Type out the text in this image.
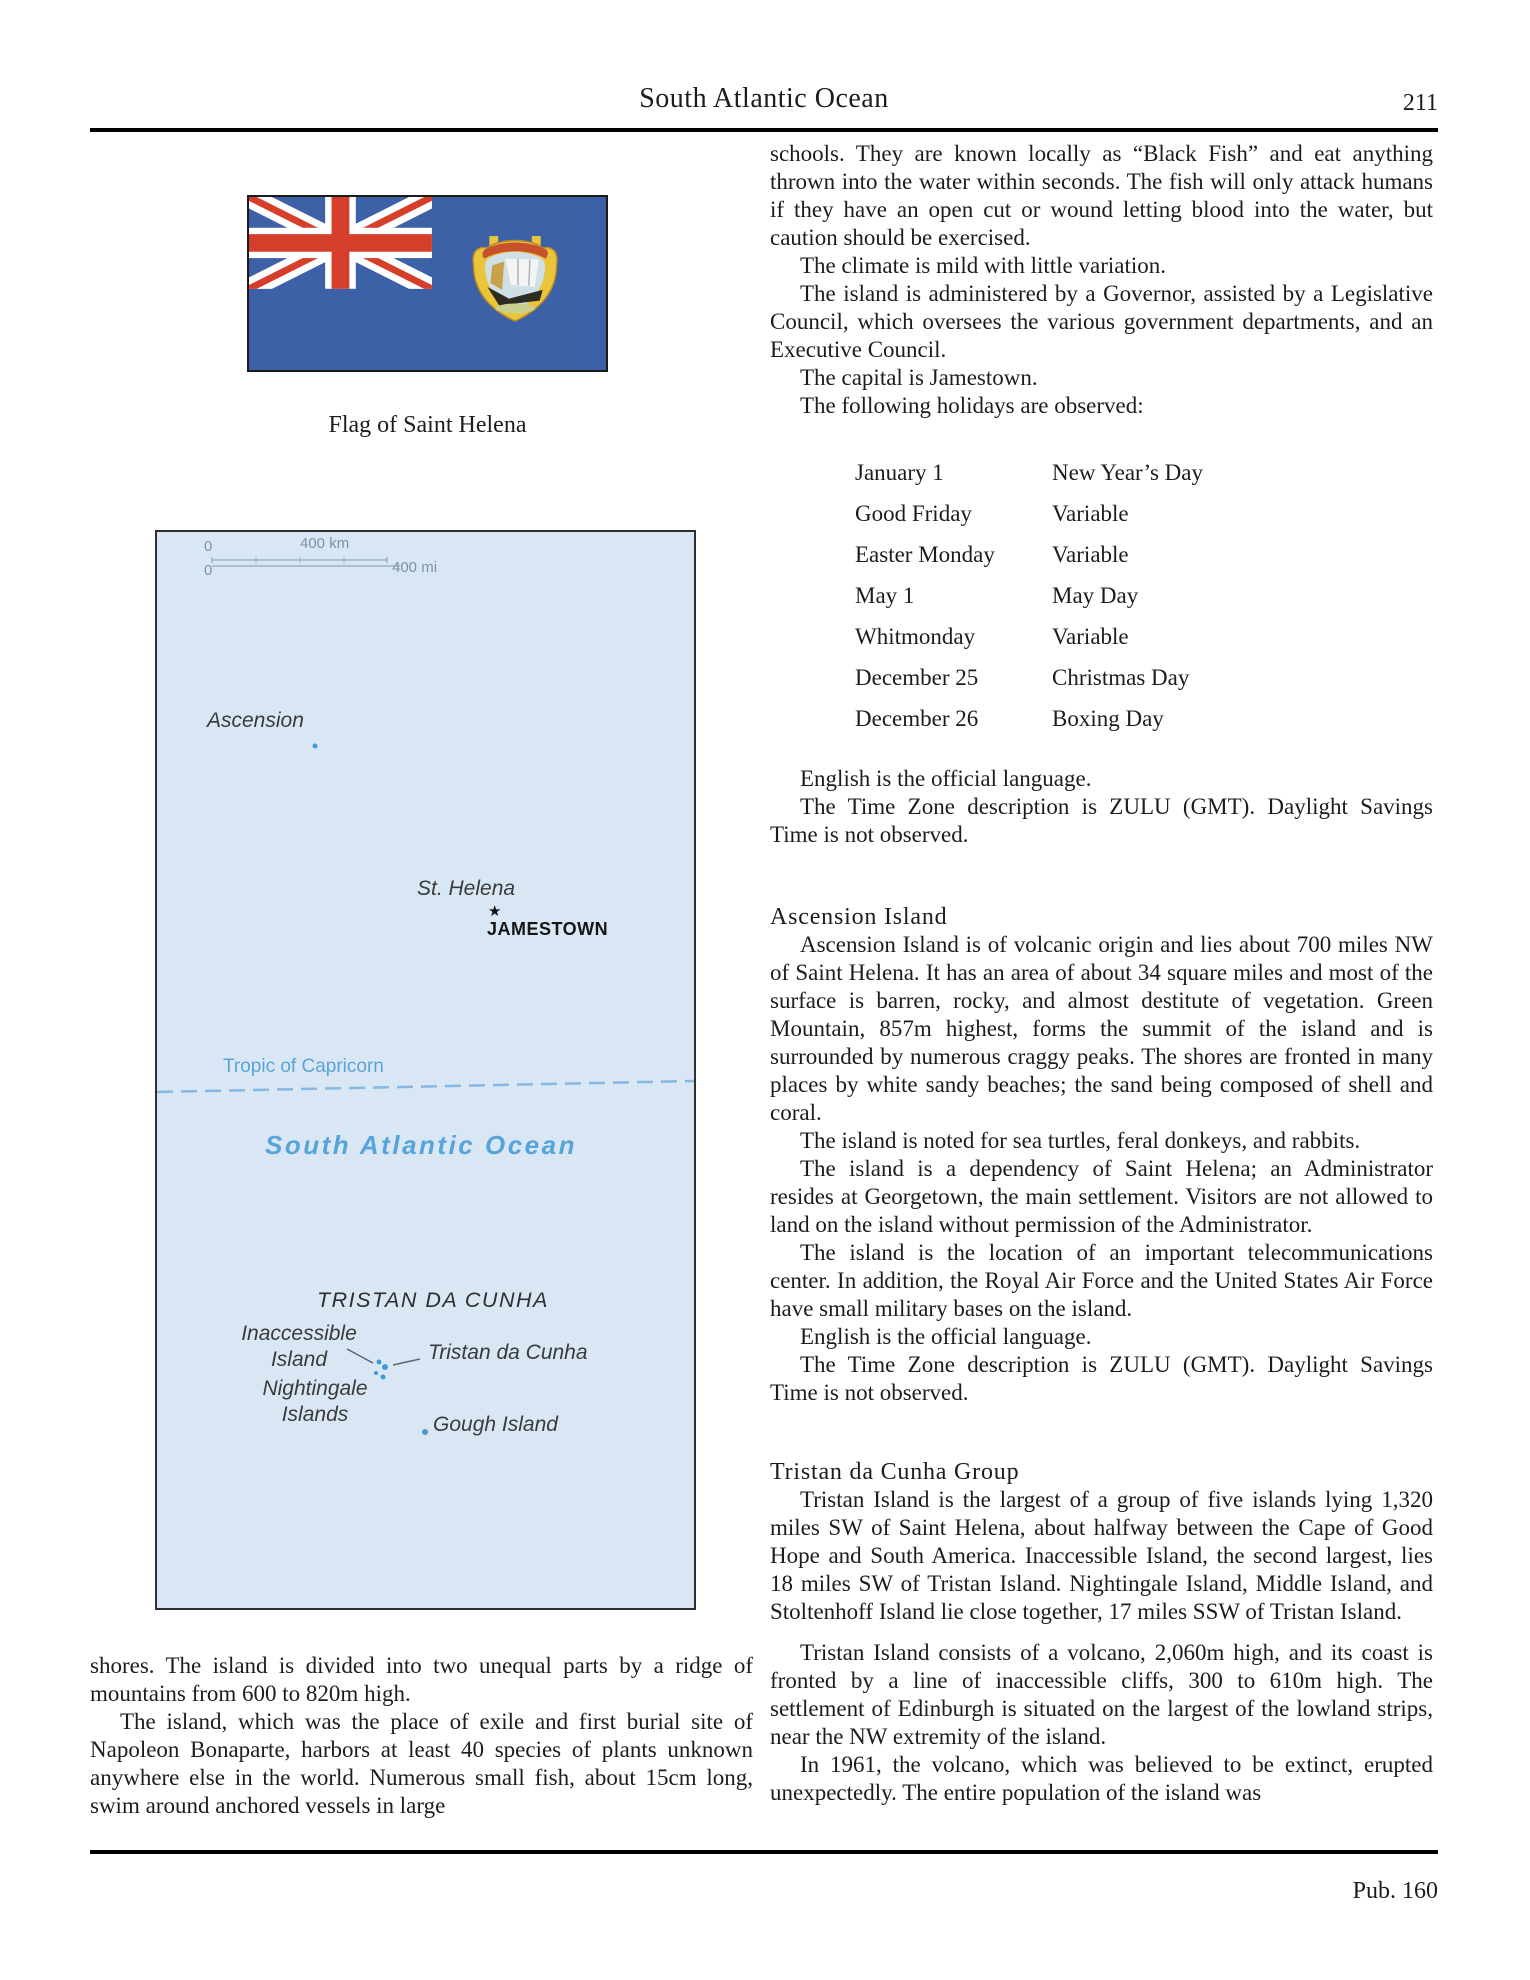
South Atlantic Ocean	211
Flag of Saint Helena
0	400 km
0	400 mi
Ascension
St. Helena
★
JAMESTOWN
Tropic of Capricorn
South Atlantic Ocean
TRISTAN DA CUNHA
Inaccessible
Island	Tristan da Cunha
Nightingale
Islands	Gough Island

shores. The island is divided into two unequal parts by a ridge of mountains from 600 to 820m high.

The island, which was the place of exile and first burial site of Napoleon Bonaparte, harbors at least 40 species of plants unknown anywhere else in the world. Numerous small fish, about 15cm long, swim around anchored vessels in large

schools. They are known locally as “Black Fish” and eat anything thrown into the water within seconds. The fish will only attack humans if they have an open cut or wound letting blood into the water, but caution should be exercised.

The climate is mild with little variation.

The island is administered by a Governor, assisted by a Legislative Council, which oversees the various government departments, and an Executive Council.

The capital is Jamestown.

The following holidays are observed:

January 1	New Year’s Day
Good Friday	Variable
Easter Monday	Variable
May 1	May Day
Whitmonday	Variable
December 25	Christmas Day
December 26	Boxing Day

English is the official language.

The Time Zone description is ZULU (GMT). Daylight Savings Time is not observed.

Ascension Island

Ascension Island is of volcanic origin and lies about 700 miles NW of Saint Helena. It has an area of about 34 square miles and most of the surface is barren, rocky, and almost destitute of vegetation. Green Mountain, 857m highest, forms the summit of the island and is surrounded by numerous craggy peaks. The shores are fronted in many places by white sandy beaches; the sand being composed of shell and coral.

The island is noted for sea turtles, feral donkeys, and rabbits.

The island is a dependency of Saint Helena; an Administrator resides at Georgetown, the main settlement. Visitors are not allowed to land on the island without permission of the Administrator.

The island is the location of an important telecommunications center. In addition, the Royal Air Force and the United States Air Force have small military bases on the island.

English is the official language.

The Time Zone description is ZULU (GMT). Daylight Savings Time is not observed.

Tristan da Cunha Group

Tristan Island is the largest of a group of five islands lying 1,320 miles SW of Saint Helena, about halfway between the Cape of Good Hope and South America. Inaccessible Island, the second largest, lies 18 miles SW of Tristan Island. Nightingale Island, Middle Island, and Stoltenhoff Island lie close together, 17 miles SSW of Tristan Island.

Tristan Island consists of a volcano, 2,060m high, and its coast is fronted by a line of inaccessible cliffs, 300 to 610m high. The settlement of Edinburgh is situated on the largest of the lowland strips, near the NW extremity of the island.

In 1961, the volcano, which was believed to be extinct, erupted unexpectedly. The entire population of the island was

Pub. 160
